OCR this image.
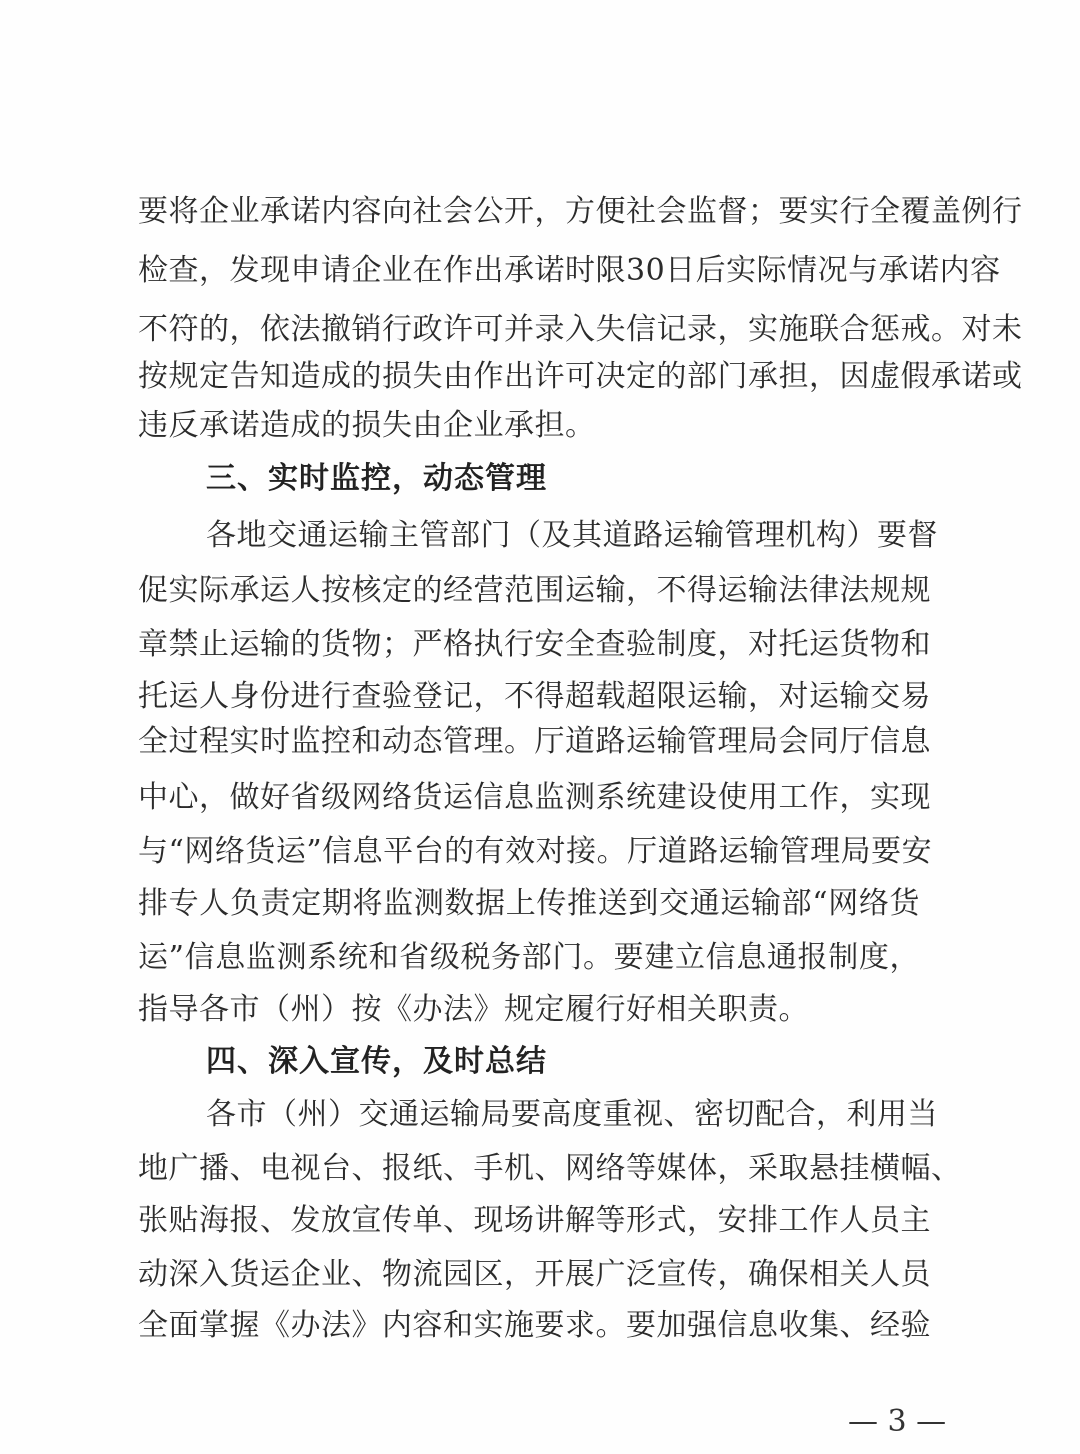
要将企业承诺内容向社会公开，方便社会监督；要实行全覆盖例行
检查，发现申请企业在作出承诺时限30日后实际情况与承诺内容
不符的，依法撤销行政许可并录入失信记录，实施联合惩戒。对未
按规定告知造成的损失由作出许可决定的部门承担，因虚假承诺或
违反承诺造成的损失由企业承担。
三、实时监控，动态管理
各地交通运输主管部门（及其道路运输管理机构）要督
促实际承运人按核定的经营范围运输，不得运输法律法规规
章禁止运输的货物；严格执行安全查验制度，对托运货物和
托运人身份进行查验登记，不得超载超限运输，对运输交易
全过程实时监控和动态管理。厅道路运输管理局会同厅信息
中心，做好省级网络货运信息监测系统建设使用工作，实现
与“网络货运”信息平台的有效对接。厅道路运输管理局要安
排专人负责定期将监测数据上传推送到交通运输部“网络货
运”信息监测系统和省级税务部门。要建立信息通报制度，
指导各市（州）按《办法》规定履行好相关职责。
四、深入宣传，及时总结
各市（州）交通运输局要高度重视、密切配合，利用当
地广播、电视台、报纸、手机、网络等媒体，采取悬挂横幅、
张贴海报、发放宣传单、现场讲解等形式，安排工作人员主
动深入货运企业、物流园区，开展广泛宣传，确保相关人员
全面掌握《办法》内容和实施要求。要加强信息收集、经验
— 3 —
